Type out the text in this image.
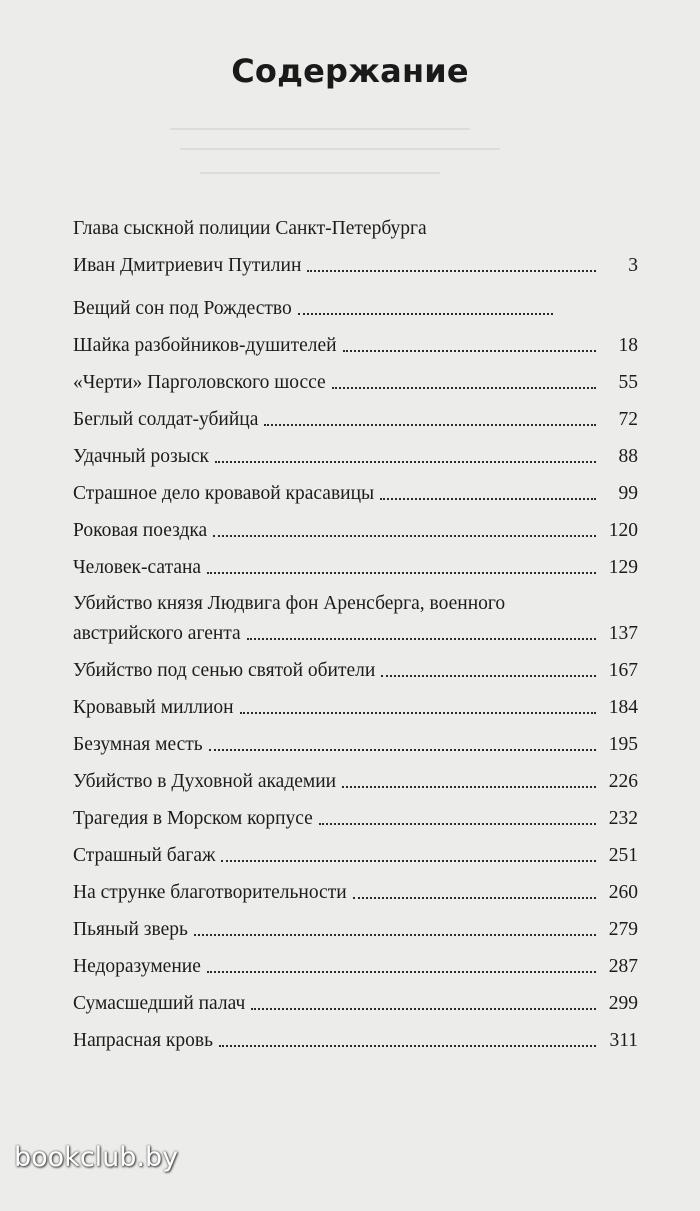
Содержание
Глава сыскной полиции Санкт-Петербурга
Иван Дмитриевич Путилин	3
Вещий сон под Рождество
Шайка разбойников-душителей	18
«Черти» Парголовского шоссе	55
Беглый солдат-убийца	72
Удачный розыск	88
Страшное дело кровавой красавицы	99
Роковая поездка	120
Человек-сатана	129
Убийство князя Людвига фон Аренсберга, военного
австрийского агента	137
Убийство под сенью святой обители	167
Кровавый миллион	184
Безумная месть	195
Убийство в Духовной академии	226
Трагедия в Морском корпусе	232
Страшный багаж	251
На струнке благотворительности	260
Пьяный зверь	279
Недоразумение	287
Сумасшедший палач	299
Напрасная кровь	311
bookclub.by
